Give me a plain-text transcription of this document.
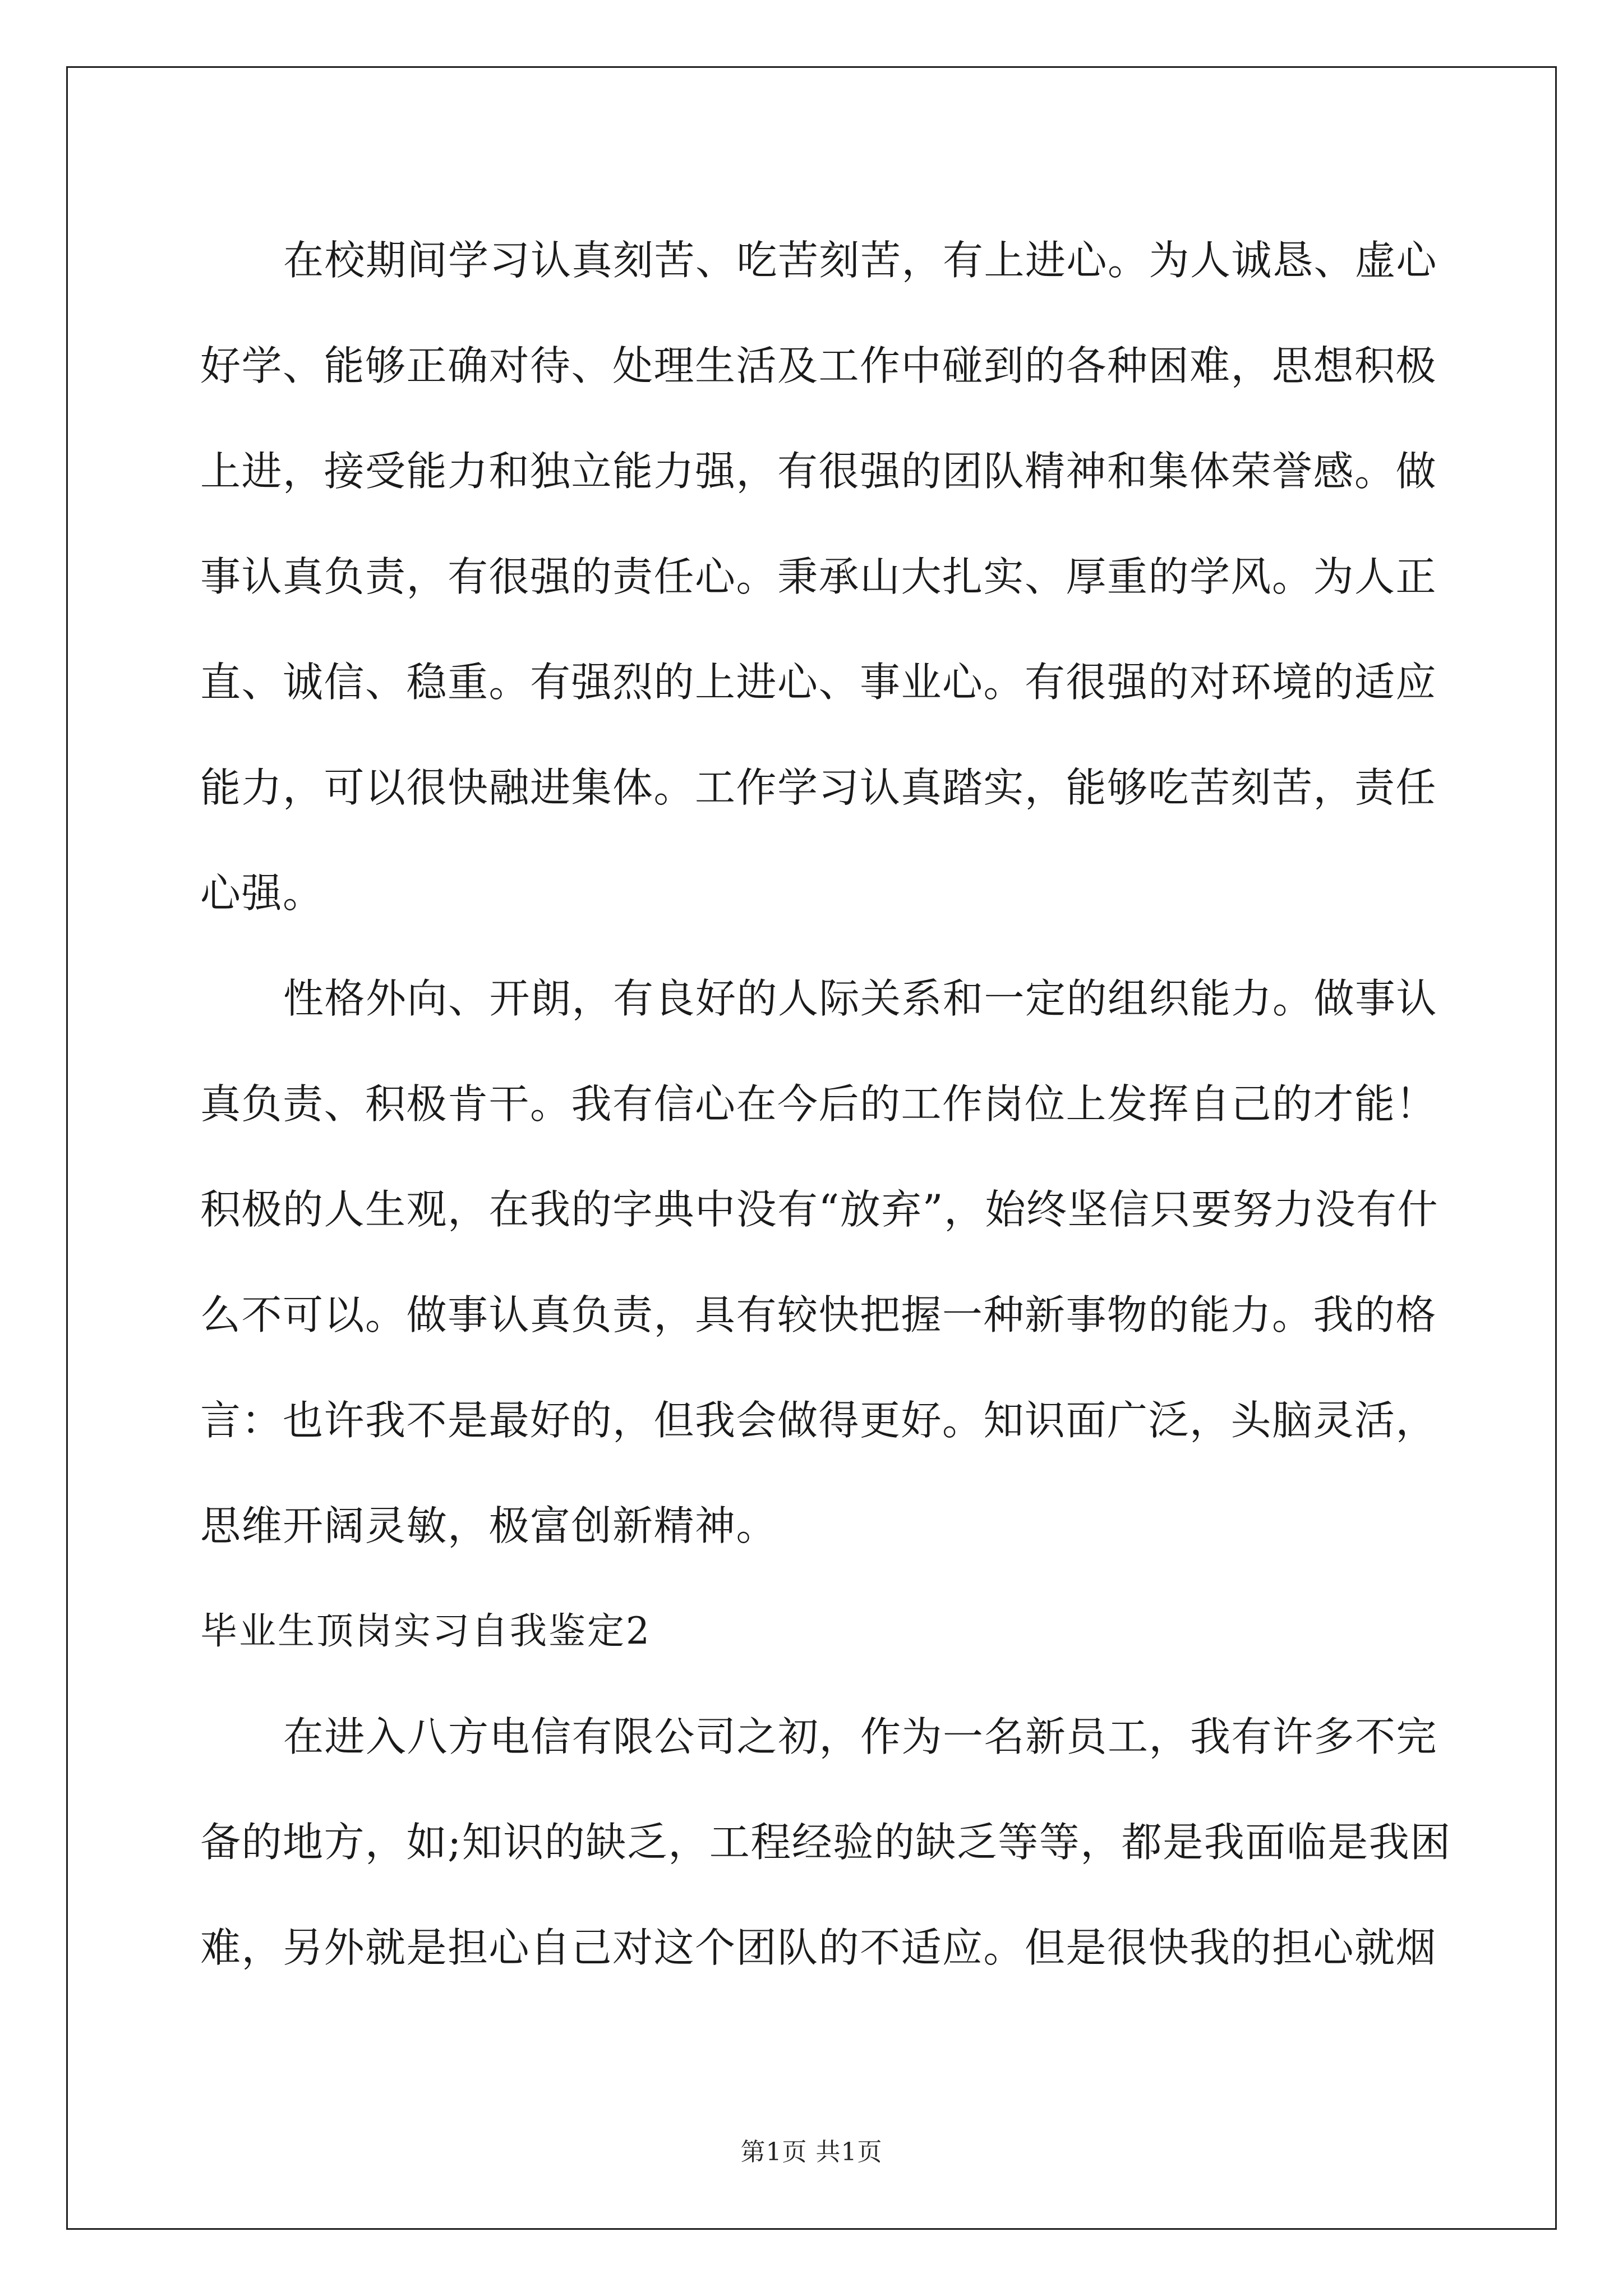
在校期间学习认真刻苦、吃苦刻苦，有上进心。为人诚恳、虚心
好学、能够正确对待、处理生活及工作中碰到的各种困难，思想积极
上进，接受能力和独立能力强，有很强的团队精神和集体荣誉感。做
事认真负责，有很强的责任心。秉承山大扎实、厚重的学风。为人正
直、诚信、稳重。有强烈的上进心、事业心。有很强的对环境的适应
能力，可以很快融进集体。工作学习认真踏实，能够吃苦刻苦，责任
心强。
性格外向、开朗，有良好的人际关系和一定的组织能力。做事认
真负责、积极肯干。我有信心在今后的工作岗位上发挥自己的才能！
积极的人生观，在我的字典中没有“放弃”，始终坚信只要努力没有什
么不可以。做事认真负责，具有较快把握一种新事物的能力。我的格
言：也许我不是最好的，但我会做得更好。知识面广泛，头脑灵活，
思维开阔灵敏，极富创新精神。
毕业生顶岗实习自我鉴定2
在进入八方电信有限公司之初，作为一名新员工，我有许多不完
备的地方，如;知识的缺乏，工程经验的缺乏等等，都是我面临是我困
难，另外就是担心自己对这个团队的不适应。但是很快我的担心就烟
第1页 共1页
